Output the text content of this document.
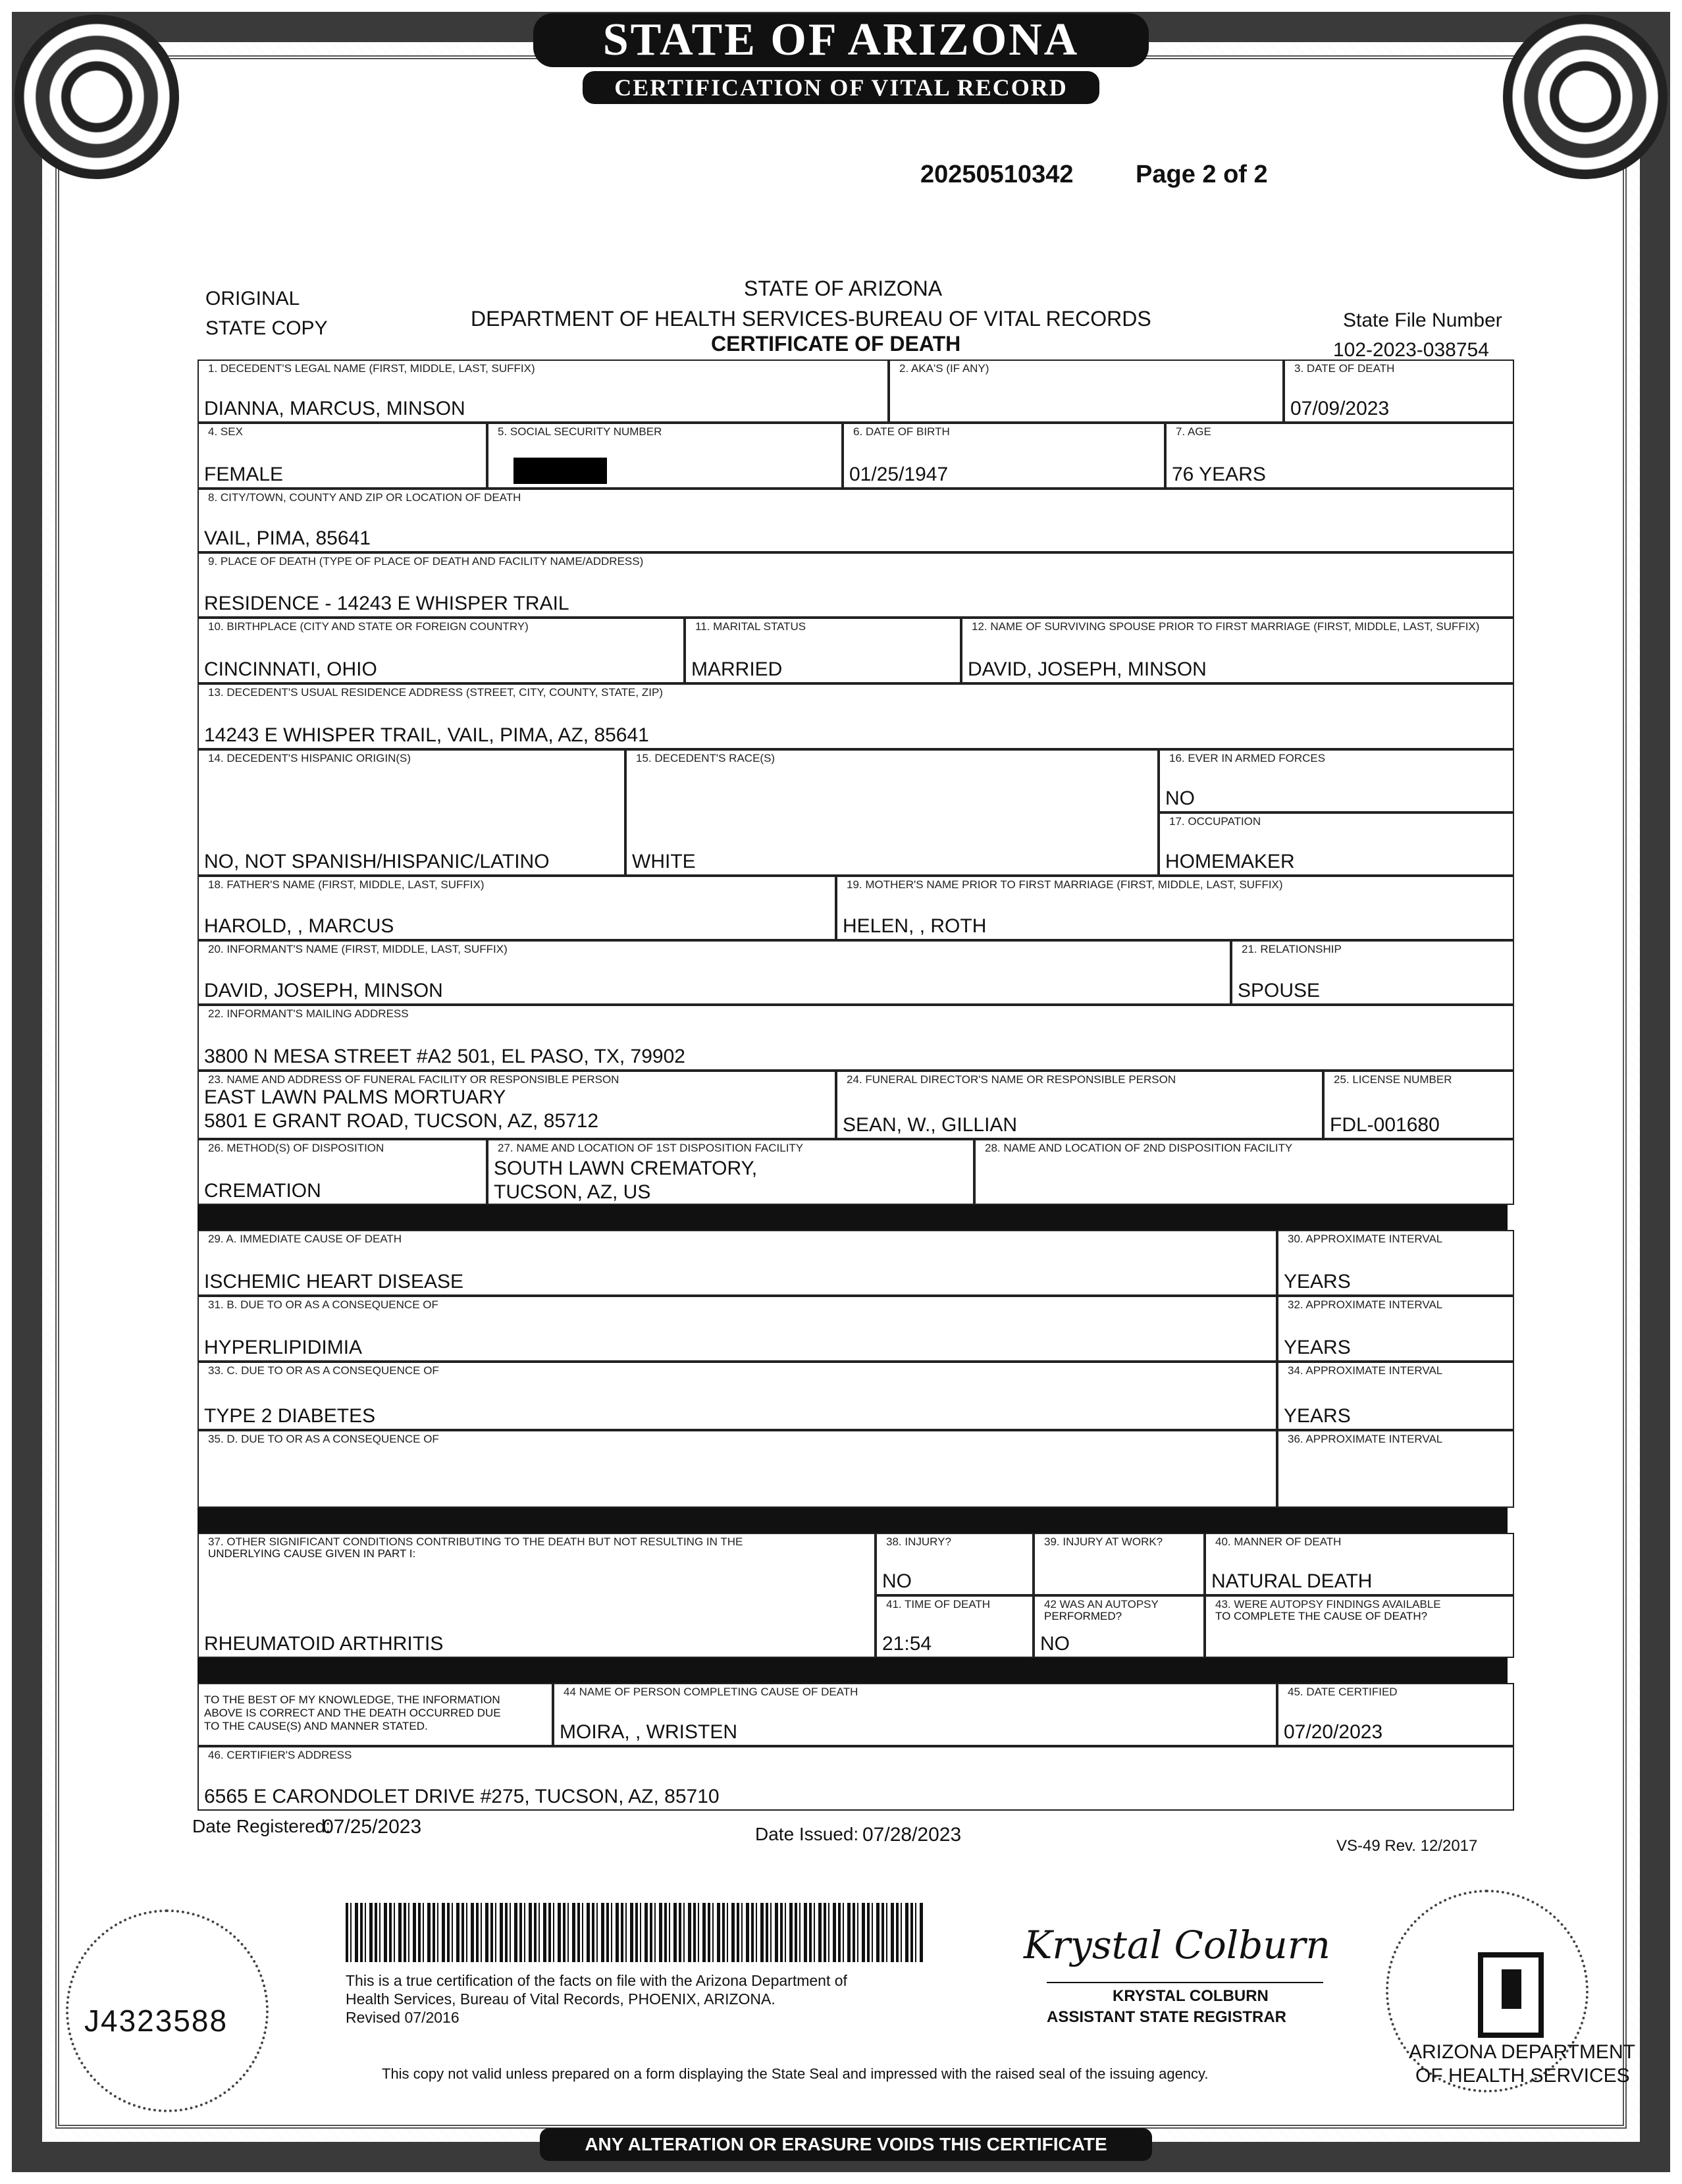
STATE OF ARIZONA
CERTIFICATION OF VITAL RECORD
20250510342 Page 2 of 2
ORIGINAL
STATE COPY
STATE OF ARIZONA
DEPARTMENT OF HEALTH SERVICES-BUREAU OF VITAL RECORDS
CERTIFICATE OF DEATH
State File Number
102-2023-038754
1. DECEDENT'S LEGAL NAME (FIRST, MIDDLE, LAST, SUFFIX)
DIANNA, MARCUS, MINSON
2. AKA'S (IF ANY)	3. DATE OF DEATH
07/09/2023
4. SEX
FEMALE
5. SOCIAL SECURITY NUMBER	6. DATE OF BIRTH
01/25/1947
7. AGE
76 YEARS
8. CITY/TOWN, COUNTY AND ZIP OR LOCATION OF DEATH
VAIL, PIMA, 85641
9. PLACE OF DEATH (TYPE OF PLACE OF DEATH AND FACILITY NAME/ADDRESS)
RESIDENCE - 14243 E WHISPER TRAIL
10. BIRTHPLACE (CITY AND STATE OR FOREIGN COUNTRY)
CINCINNATI, OHIO
11. MARITAL STATUS
MARRIED
12. NAME OF SURVIVING SPOUSE PRIOR TO FIRST MARRIAGE (FIRST, MIDDLE, LAST, SUFFIX)
DAVID, JOSEPH, MINSON
13. DECEDENT'S USUAL RESIDENCE ADDRESS (STREET, CITY, COUNTY, STATE, ZIP)
14243 E WHISPER TRAIL, VAIL, PIMA, AZ, 85641
14. DECEDENT'S HISPANIC ORIGIN(S)
NO, NOT SPANISH/HISPANIC/LATINO
15. DECEDENT'S RACE(S)
WHITE
16. EVER IN ARMED FORCES
NO
17. OCCUPATION
HOMEMAKER
18. FATHER'S NAME (FIRST, MIDDLE, LAST, SUFFIX)
HAROLD, , MARCUS
19. MOTHER'S NAME PRIOR TO FIRST MARRIAGE (FIRST, MIDDLE, LAST, SUFFIX)
HELEN, , ROTH
20. INFORMANT'S NAME (FIRST, MIDDLE, LAST, SUFFIX)
DAVID, JOSEPH, MINSON
21. RELATIONSHIP
SPOUSE
22. INFORMANT'S MAILING ADDRESS
3800 N MESA STREET #A2 501, EL PASO, TX, 79902
23. NAME AND ADDRESS OF FUNERAL FACILITY OR RESPONSIBLE PERSON
EAST LAWN PALMS MORTUARY
5801 E GRANT ROAD, TUCSON, AZ, 85712
24. FUNERAL DIRECTOR'S NAME OR RESPONSIBLE PERSON
SEAN, W., GILLIAN
25. LICENSE NUMBER
FDL-001680
26. METHOD(S) OF DISPOSITION
CREMATION
27. NAME AND LOCATION OF 1ST DISPOSITION FACILITY
SOUTH LAWN CREMATORY,
TUCSON, AZ, US
28. NAME AND LOCATION OF 2ND DISPOSITION FACILITY
29. A. IMMEDIATE CAUSE OF DEATH
ISCHEMIC HEART DISEASE
30. APPROXIMATE INTERVAL
YEARS
31. B. DUE TO OR AS A CONSEQUENCE OF
HYPERLIPIDIMIA
32. APPROXIMATE INTERVAL
YEARS
33. C. DUE TO OR AS A CONSEQUENCE OF
TYPE 2 DIABETES
34. APPROXIMATE INTERVAL
YEARS
35. D. DUE TO OR AS A CONSEQUENCE OF	36. APPROXIMATE INTERVAL
37. OTHER SIGNIFICANT CONDITIONS CONTRIBUTING TO THE DEATH BUT NOT RESULTING IN THE
UNDERLYING CAUSE GIVEN IN PART I:
RHEUMATOID ARTHRITIS
38. INJURY?
NO
39. INJURY AT WORK?	40. MANNER OF DEATH
NATURAL DEATH
41. TIME OF DEATH
21:54
42 WAS AN AUTOPSY
PERFORMED?
NO
43. WERE AUTOPSY FINDINGS AVAILABLE
TO COMPLETE THE CAUSE OF DEATH?
TO THE BEST OF MY KNOWLEDGE, THE INFORMATION
ABOVE IS CORRECT AND THE DEATH OCCURRED DUE
TO THE CAUSE(S) AND MANNER STATED.
44 NAME OF PERSON COMPLETING CAUSE OF DEATH
MOIRA, , WRISTEN
45. DATE CERTIFIED
07/20/2023
46. CERTIFIER'S ADDRESS
6565 E CARONDOLET DRIVE #275, TUCSON, AZ, 85710
Date Registered:
07/25/2023	Date Issued: 07/28/2023
VS-49 Rev. 12/2017
This is a true certification of the facts on file with the Arizona Department of
Health Services, Bureau of Vital Records, PHOENIX, ARIZONA.
Revised 07/2016
Krystal Colburn
KRYSTAL COLBURN
ASSISTANT STATE REGISTRAR
This copy not valid unless prepared on a form displaying the State Seal and impressed with the raised seal of the issuing agency.
J4323588
ARIZONA DEPARTMENT
OF HEALTH SERVICES
ANY ALTERATION OR ERASURE VOIDS THIS CERTIFICATE
